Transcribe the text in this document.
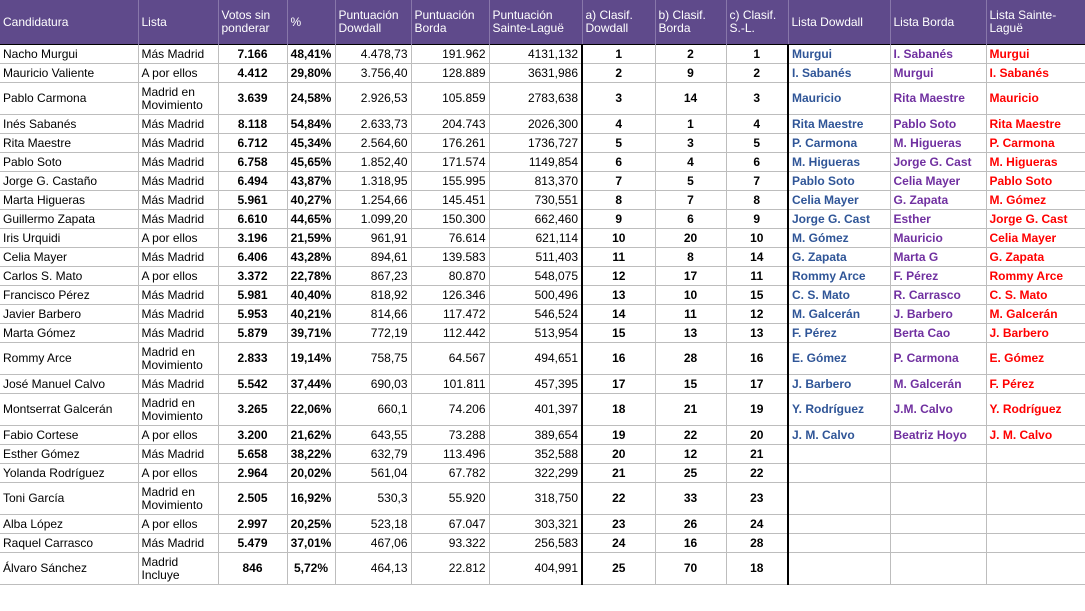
Candidatura	Lista	Votos sin ponderar	%	Puntuación Dowdall	Puntuación Borda	Puntuación Sainte-Laguë	a) Clasif. Dowdall	b) Clasif. Borda	c) Clasif. S.-L.	Lista Dowdall	Lista Borda	Lista Sainte-Laguë
Nacho Murgui	Más Madrid	7.166	48,41%	4.478,73	191.962	4131,132	1	2	1	Murgui	I. Sabanés	Murgui
Mauricio Valiente	A por ellos	4.412	29,80%	3.756,40	128.889	3631,986	2	9	2	I. Sabanés	Murgui	I. Sabanés
Pablo Carmona	Madrid en Movimiento	3.639	24,58%	2.926,53	105.859	2783,638	3	14	3	Mauricio	Rita Maestre	Mauricio
Inés Sabanés	Más Madrid	8.118	54,84%	2.633,73	204.743	2026,300	4	1	4	Rita Maestre	Pablo Soto	Rita Maestre
Rita Maestre	Más Madrid	6.712	45,34%	2.564,60	176.261	1736,727	5	3	5	P. Carmona	M. Higueras	P. Carmona
Pablo Soto	Más Madrid	6.758	45,65%	1.852,40	171.574	1149,854	6	4	6	M. Higueras	Jorge G. Cast	M. Higueras
Jorge G. Castaño	Más Madrid	6.494	43,87%	1.318,95	155.995	813,370	7	5	7	Pablo Soto	Celia Mayer	Pablo Soto
Marta Higueras	Más Madrid	5.961	40,27%	1.254,66	145.451	730,551	8	7	8	Celia Mayer	G. Zapata	M. Gómez
Guillermo Zapata	Más Madrid	6.610	44,65%	1.099,20	150.300	662,460	9	6	9	Jorge G. Cast	Esther	Jorge G. Cast
Iris Urquidi	A por ellos	3.196	21,59%	961,91	76.614	621,114	10	20	10	M. Gómez	Mauricio	Celia Mayer
Celia Mayer	Más Madrid	6.406	43,28%	894,61	139.583	511,403	11	8	14	G. Zapata	Marta G	G. Zapata
Carlos S. Mato	A por ellos	3.372	22,78%	867,23	80.870	548,075	12	17	11	Rommy Arce	F. Pérez	Rommy Arce
Francisco Pérez	Más Madrid	5.981	40,40%	818,92	126.346	500,496	13	10	15	C. S. Mato	R. Carrasco	C. S. Mato
Javier Barbero	Más Madrid	5.953	40,21%	814,66	117.472	546,524	14	11	12	M. Galcerán	J. Barbero	M. Galcerán
Marta Gómez	Más Madrid	5.879	39,71%	772,19	112.442	513,954	15	13	13	F. Pérez	Berta Cao	J. Barbero
Rommy Arce	Madrid en Movimiento	2.833	19,14%	758,75	64.567	494,651	16	28	16	E. Gómez	P. Carmona	E. Gómez
José Manuel Calvo	Más Madrid	5.542	37,44%	690,03	101.811	457,395	17	15	17	J. Barbero	M. Galcerán	F. Pérez
Montserrat Galcerán	Madrid en Movimiento	3.265	22,06%	660,1	74.206	401,397	18	21	19	Y. Rodríguez	J.M. Calvo	Y. Rodríguez
Fabio Cortese	A por ellos	3.200	21,62%	643,55	73.288	389,654	19	22	20	J. M. Calvo	Beatriz Hoyo	J. M. Calvo
Esther Gómez	Más Madrid	5.658	38,22%	632,79	113.496	352,588	20	12	21			
Yolanda Rodríguez	A por ellos	2.964	20,02%	561,04	67.782	322,299	21	25	22			
Toni García	Madrid en Movimiento	2.505	16,92%	530,3	55.920	318,750	22	33	23			
Alba López	A por ellos	2.997	20,25%	523,18	67.047	303,321	23	26	24			
Raquel Carrasco	Más Madrid	5.479	37,01%	467,06	93.322	256,583	24	16	28			
Álvaro Sánchez	Madrid Incluye	846	5,72%	464,13	22.812	404,991	25	70	18			
